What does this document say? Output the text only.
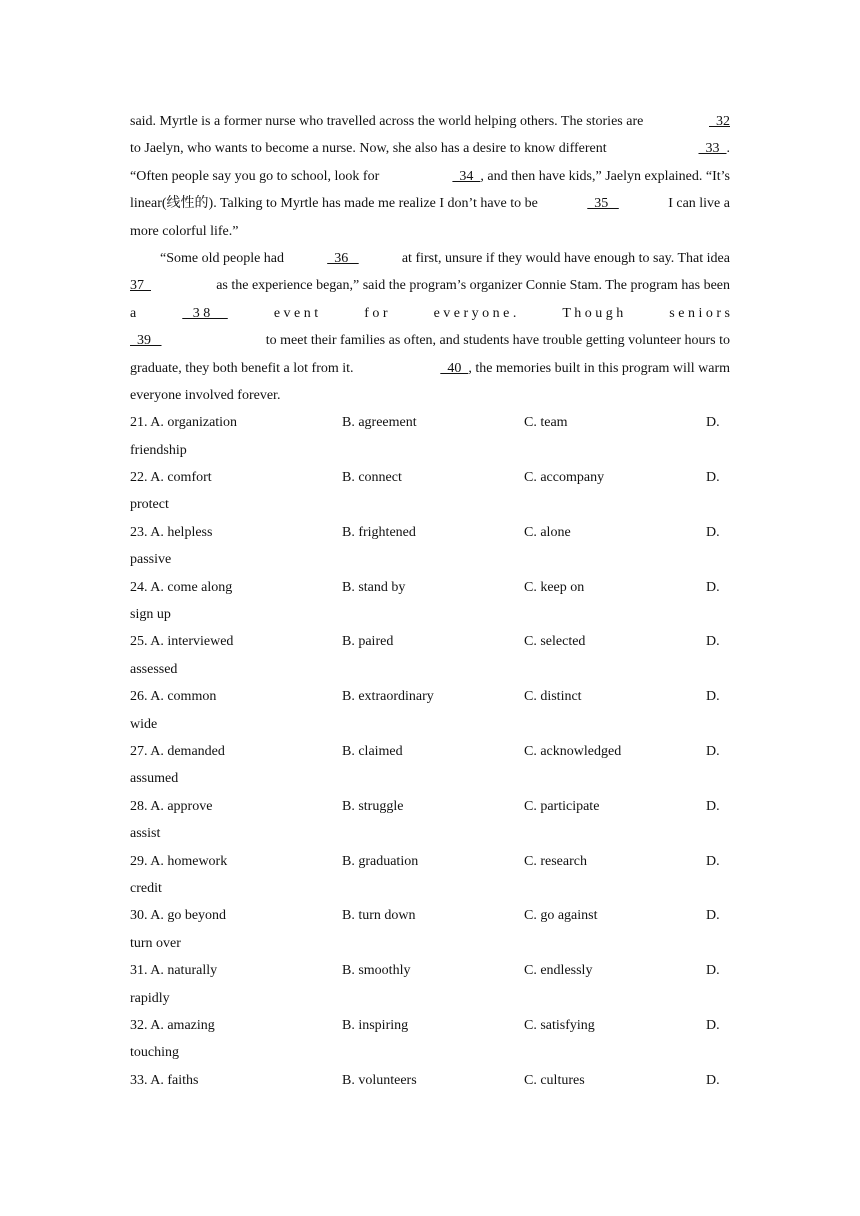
said. Myrtle is a former nurse who travelled across the world helping others. The stories are	32
to Jaelyn, who wants to become a nurse. Now, she also has a desire to know different	33  .
“Often people say you go to school, look for	34  , and then have kids,” Jaelyn explained. “It’s
linear(线性的). Talking to Myrtle has made me realize I don’t have to be	35	I can live a
more colorful life.”
“Some old people had	36	at first, unsure if they would have enough to say. That idea
37	as the experience began,” said the program’s organizer Connie Stam. The program has been
a	3 8	e v e n t	f o r	e v e r y o n e .	T h o u g h	s e n i o r s
39	to meet their families as often, and students have trouble getting volunteer hours to
graduate, they both benefit a lot from it.	40  , the memories built in this program will warm
everyone involved forever.
21. A. organization	B. agreement	C. team	D.
friendship
22. A. comfort	B. connect	C. accompany	D.
protect
23. A. helpless	B. frightened	C. alone	D.
passive
24. A. come along	B. stand by	C. keep on	D.
sign up
25. A. interviewed	B. paired	C. selected	D.
assessed
26. A. common	B. extraordinary	C. distinct	D.
wide
27. A. demanded	B. claimed	C. acknowledged	D.
assumed
28. A. approve	B. struggle	C. participate	D.
assist
29. A. homework	B. graduation	C. research	D.
credit
30. A. go beyond	B. turn down	C. go against	D.
turn over
31. A. naturally	B. smoothly	C. endlessly	D.
rapidly
32. A. amazing	B. inspiring	C. satisfying	D.
touching
33. A. faiths	B. volunteers	C. cultures	D.
